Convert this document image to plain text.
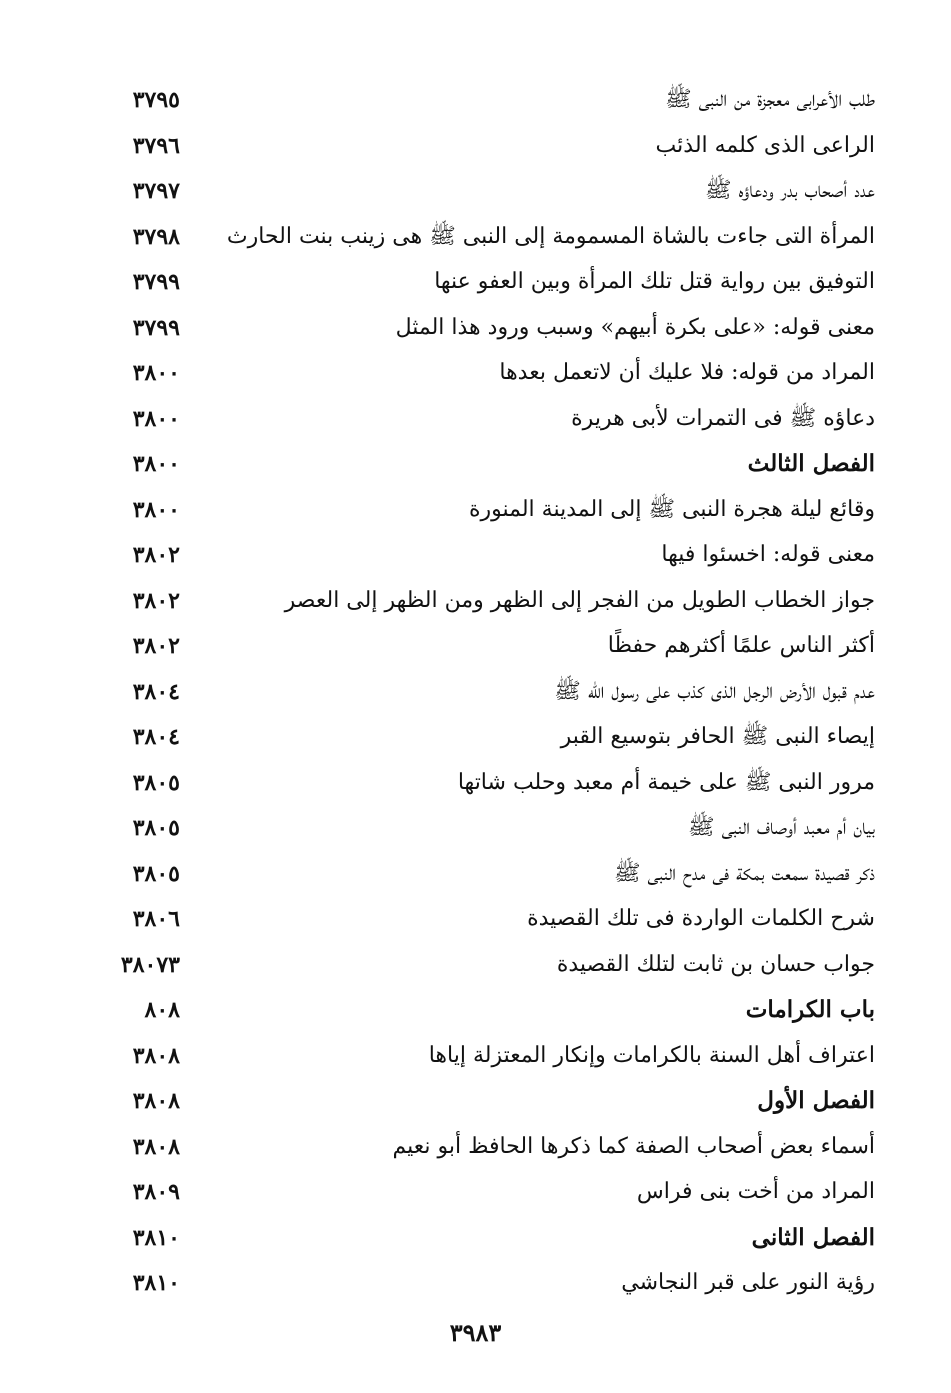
طلب الأعرابى معجزة من النبى ﷺ
٣٧٩٥
الراعى الذى كلمه الذئب
٣٧٩٦
عدد أصحاب بدر ودعاؤه ﷺ
٣٧٩٧
المرأة التى جاءت بالشاة المسمومة إلى النبى ﷺ هى زينب بنت الحارث
٣٧٩٨
التوفيق بين رواية قتل تلك المرأة وبين العفو عنها
٣٧٩٩
معنى قوله: «على بكرة أبيهم» وسبب ورود هذا المثل
٣٧٩٩
المراد من قوله: فلا عليك أن لاتعمل بعدها
٣٨٠٠
دعاؤه ﷺ فى التمرات لأبى هريرة
٣٨٠٠
الفصل الثالث
٣٨٠٠
وقائع ليلة هجرة النبى ﷺ إلى المدينة المنورة
٣٨٠٠
معنى قوله: اخسئوا فيها
٣٨٠٢
جواز الخطاب الطويل من الفجر إلى الظهر ومن الظهر إلى العصر
٣٨٠٢
أكثر الناس علمًا أكثرهم حفظًا
٣٨٠٢
عدم قبول الأرض الرجل الذى كذب على رسول الله ﷺ
٣٨٠٤
إيصاء النبى ﷺ الحافر بتوسيع القبر
٣٨٠٤
مرور النبى ﷺ على خيمة أم معبد وحلب شاتها
٣٨٠٥
بيان أم معبد أوصاف النبى ﷺ
٣٨٠٥
ذكر قصيدة سمعت بمكة فى مدح النبى ﷺ
٣٨٠٥
شرح الكلمات الواردة فى تلك القصيدة
٣٨٠٦
جواب حسان بن ثابت لتلك القصيدة
٣٨٠٧٣
باب الكرامات
٨٠٨
اعتراف أهل السنة بالكرامات وإنكار المعتزلة إياها
٣٨٠٨
الفصل الأول
٣٨٠٨
أسماء بعض أصحاب الصفة كما ذكرها الحافظ أبو نعيم
٣٨٠٨
المراد من أخت بنى فراس
٣٨٠٩
الفصل الثانى
٣٨١٠
رؤية النور على قبر النجاشي
٣٨١٠
٣٩٨٣
